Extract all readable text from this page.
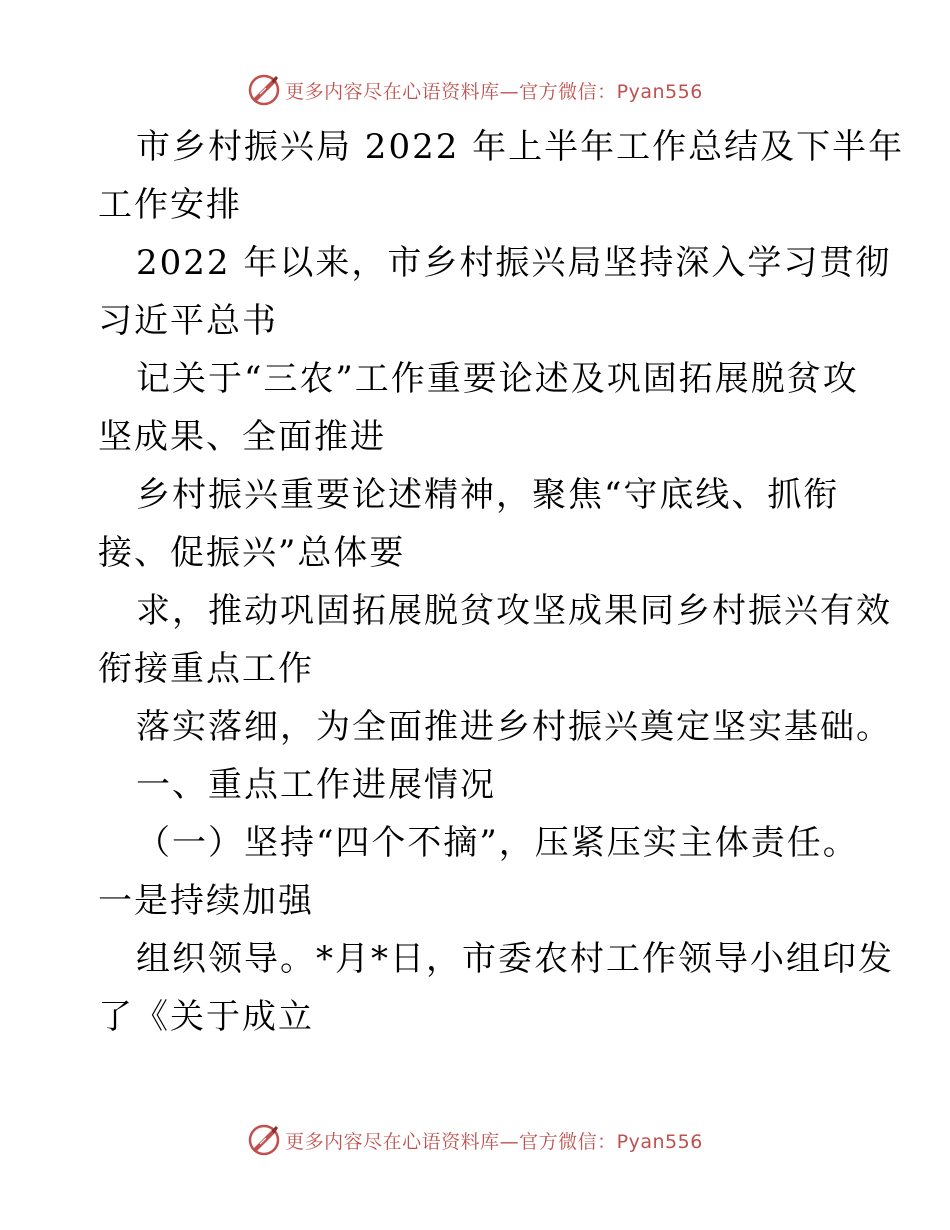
更多内容尽在心语资料库—官方微信：Pyan556
市乡村振兴局 2022 年上半年工作总结及下半年
工作安排
2022 年以来，市乡村振兴局坚持深入学习贯彻
习近平总书
记关于“三农”工作重要论述及巩固拓展脱贫攻
坚成果、全面推进
乡村振兴重要论述精神，聚焦“守底线、抓衔
接、促振兴”总体要
求，推动巩固拓展脱贫攻坚成果同乡村振兴有效
衔接重点工作
落实落细，为全面推进乡村振兴奠定坚实基础。
一、重点工作进展情况
（一）坚持“四个不摘”，压紧压实主体责任。
一是持续加强
组织领导。*月*日，市委农村工作领导小组印发
了《关于成立
更多内容尽在心语资料库—官方微信：Pyan556
